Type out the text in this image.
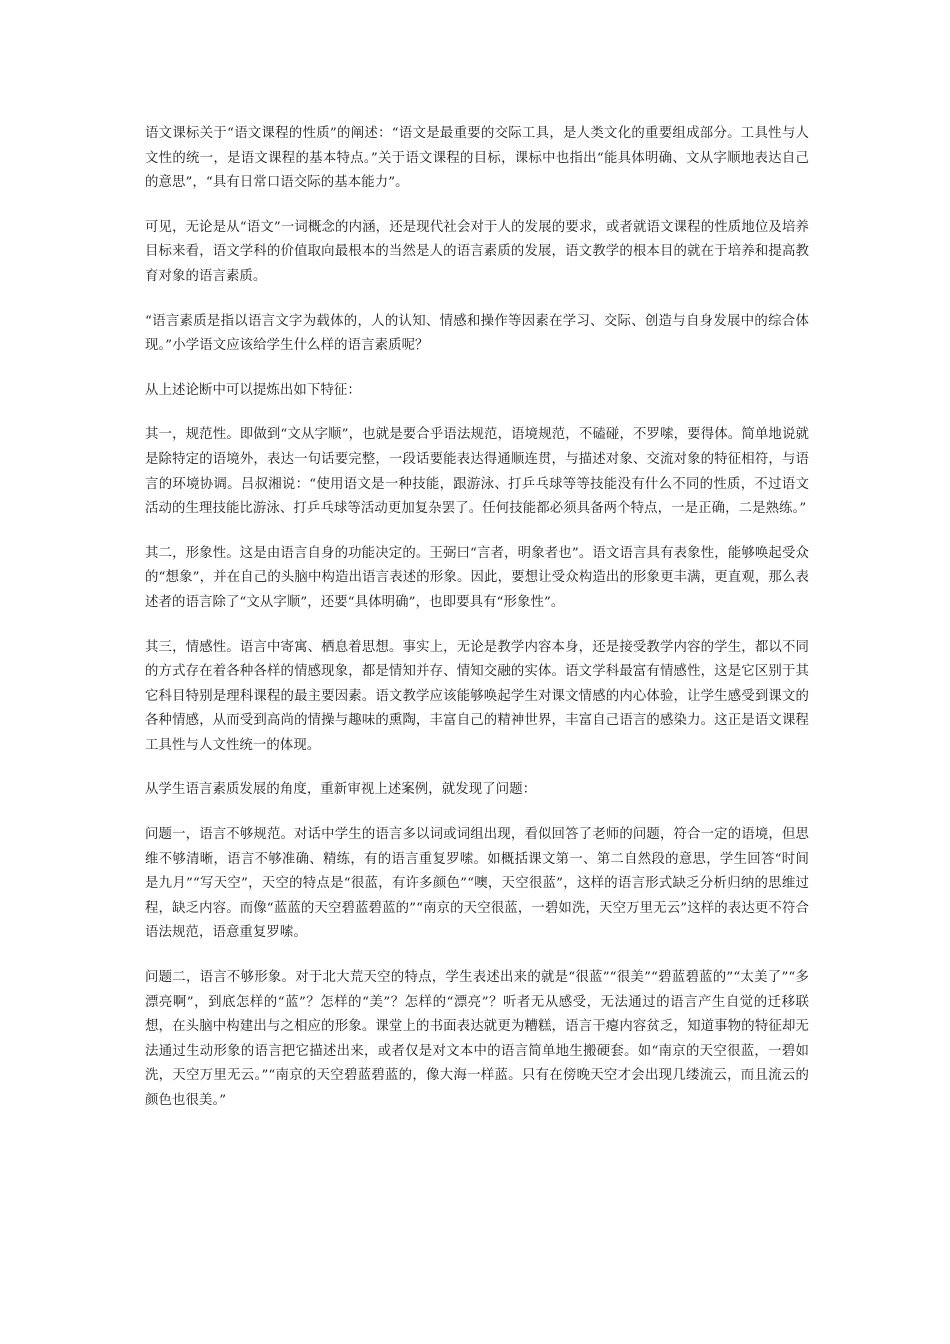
语文课标关于“语文课程的性质”的阐述：“语文是最重要的交际工具，是人类文化的重要组成部分。工具性与人文性的统一，是语文课程的基本特点。”关于语文课程的目标，课标中也指出“能具体明确、文从字顺地表达自己的意思”，“具有日常口语交际的基本能力”。

可见，无论是从“语文”一词概念的内涵，还是现代社会对于人的发展的要求，或者就语文课程的性质地位及培养目标来看，语文学科的价值取向最根本的当然是人的语言素质的发展，语文教学的根本目的就在于培养和提高教育对象的语言素质。

“语言素质是指以语言文字为载体的，人的认知、情感和操作等因素在学习、交际、创造与自身发展中的综合体现。”小学语文应该给学生什么样的语言素质呢？

从上述论断中可以提炼出如下特征：

其一，规范性。即做到“文从字顺”，也就是要合乎语法规范，语境规范，不磕碰，不罗嗦，要得体。简单地说就是除特定的语境外，表达一句话要完整，一段话要能表达得通顺连贯，与描述对象、交流对象的特征相符，与语言的环境协调。吕叔湘说：“使用语文是一种技能，跟游泳、打乒乓球等等技能没有什么不同的性质，不过语文活动的生理技能比游泳、打乒乓球等活动更加复杂罢了。任何技能都必须具备两个特点，一是正确，二是熟练。”

其二，形象性。这是由语言自身的功能决定的。王弼曰“言者，明象者也”。语文语言具有表象性，能够唤起受众的“想象”，并在自己的头脑中构造出语言表述的形象。因此，要想让受众构造出的形象更丰满，更直观，那么表述者的语言除了“文从字顺”，还要“具体明确”，也即要具有“形象性”。

其三，情感性。语言中寄寓、栖息着思想。事实上，无论是教学内容本身，还是接受教学内容的学生，都以不同的方式存在着各种各样的情感现象，都是情知并存、情知交融的实体。语文学科最富有情感性，这是它区别于其它科目特别是理科课程的最主要因素。语文教学应该能够唤起学生对课文情感的内心体验，让学生感受到课文的各种情感，从而受到高尚的情操与趣味的熏陶，丰富自己的精神世界，丰富自己语言的感染力。这正是语文课程工具性与人文性统一的体现。

从学生语言素质发展的角度，重新审视上述案例，就发现了问题：

问题一，语言不够规范。对话中学生的语言多以词或词组出现，看似回答了老师的问题，符合一定的语境，但思维不够清晰，语言不够准确、精练，有的语言重复罗嗦。如概括课文第一、第二自然段的意思，学生回答“时间是九月”“写天空”，天空的特点是“很蓝，有许多颜色”“噢，天空很蓝”，这样的语言形式缺乏分析归纳的思维过程，缺乏内容。而像“蓝蓝的天空碧蓝碧蓝的”“南京的天空很蓝，一碧如洗，天空万里无云”这样的表达更不符合语法规范，语意重复罗嗦。

问题二，语言不够形象。对于北大荒天空的特点，学生表述出来的就是“很蓝”“很美”“碧蓝碧蓝的”“太美了”“多漂亮啊”，到底怎样的“蓝”？怎样的“美”？怎样的“漂亮”？听者无从感受，无法通过的语言产生自觉的迁移联想，在头脑中构建出与之相应的形象。课堂上的书面表达就更为糟糕，语言干瘪内容贫乏，知道事物的特征却无法通过生动形象的语言把它描述出来，或者仅是对文本中的语言简单地生搬硬套。如“南京的天空很蓝，一碧如洗，天空万里无云。”“南京的天空碧蓝碧蓝的，像大海一样蓝。只有在傍晚天空才会出现几缕流云，而且流云的颜色也很美。”
